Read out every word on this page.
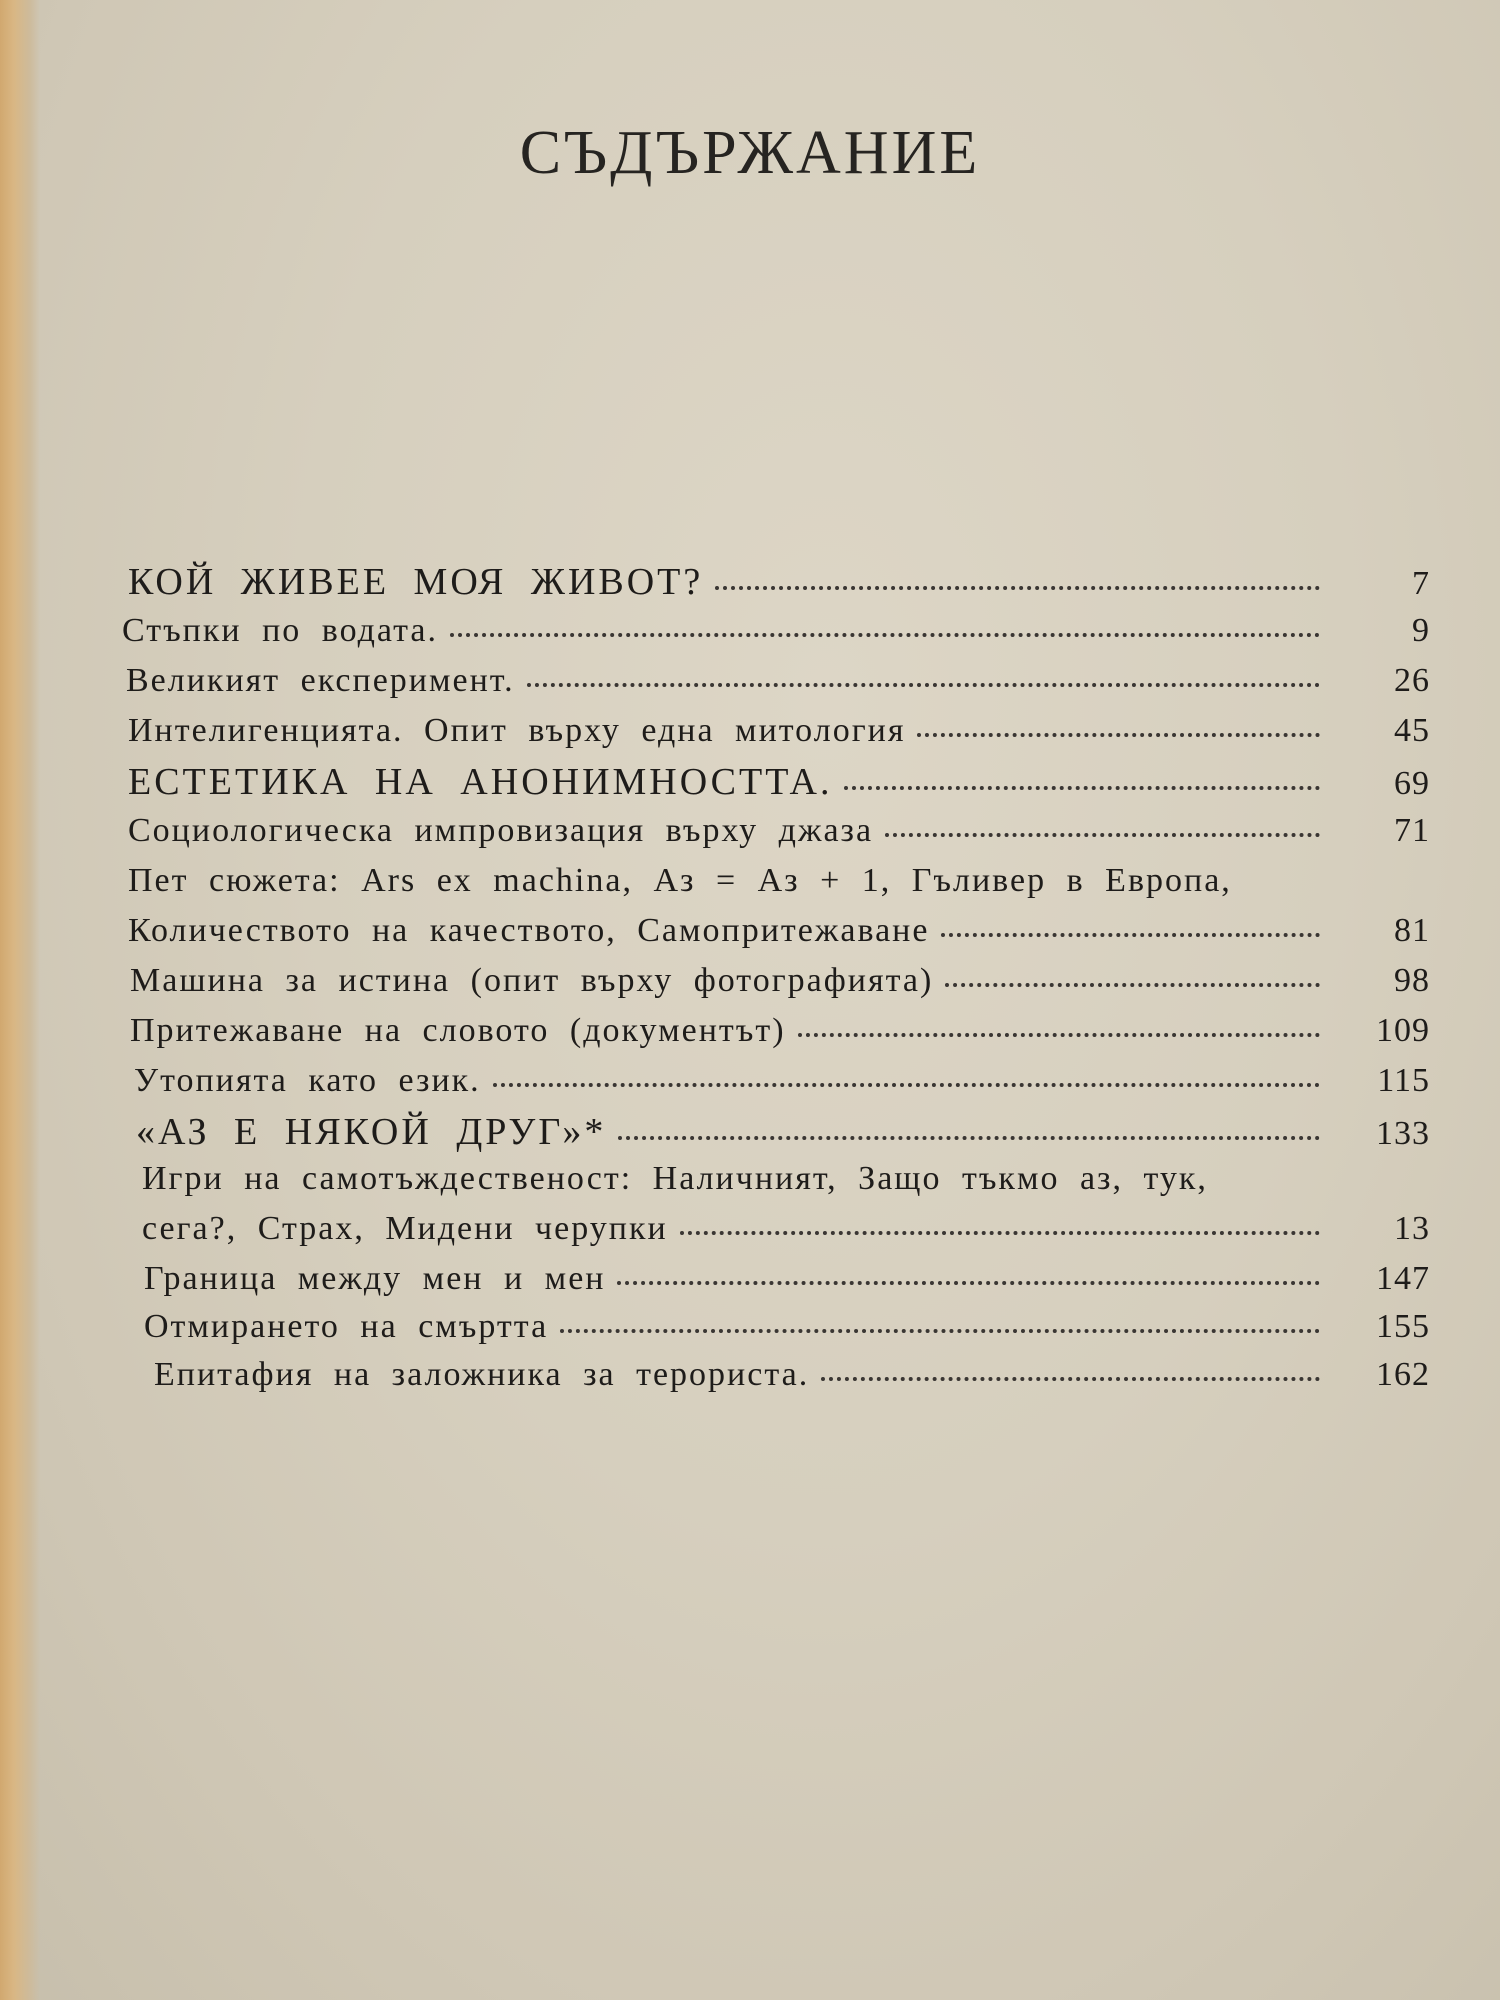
СЪДЪРЖАНИЕ
КОЙ ЖИВЕЕ МОЯ ЖИВОТ?	7
Стъпки по водата.	9
Великият експеримент.	26
Интелигенцията. Опит върху една митология	45
ЕСТЕТИКА НА АНОНИМНОСТТА.	69
Социологическа импровизация върху джаза	71
Пет сюжета: Ars ex machina, Аз = Аз + 1, Гъливер в Европа,
Количеството на качеството, Самопритежаване	81
Машина за истина (опит върху фотографията)	98
Притежаване на словото (документът)	109
Утопията като език.	115
«АЗ Е НЯКОЙ ДРУГ»*	133
Игри на самотъждественост: Наличният, Защо тъкмо аз, тук,
сега?, Страх, Мидени черупки	13
Граница между мен и мен	147
Отмирането на смъртта	155
Епитафия на заложника за терориста.	162
